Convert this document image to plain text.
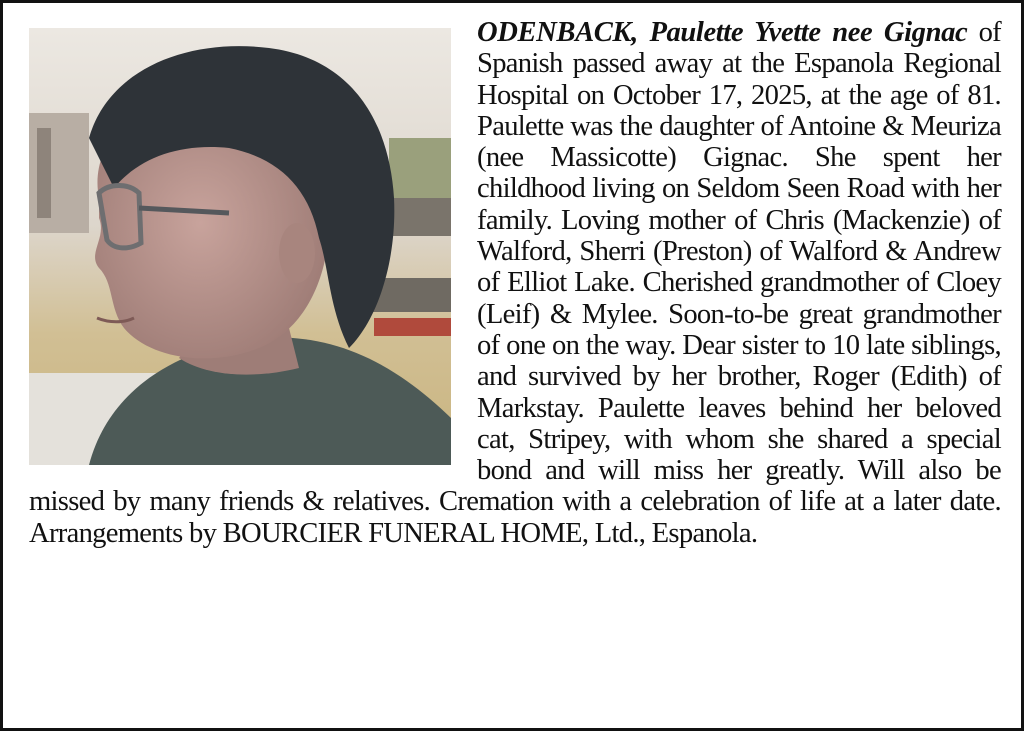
ODENBACK, Paulette Yvette nee Gignac of Spanish passed away at the Espanola Regional Hospital on October 17, 2025, at the age of 81. Paulette was the daughter of Antoine & Meuriza (nee Massicotte) Gignac. She spent her childhood living on Seldom Seen Road with her family. Loving mother of Chris (Mackenzie) of Walford, Sherri (Preston) of Walford & Andrew of Elliot Lake. Cherished grandmother of Cloey (Leif) & Mylee. Soon-to-be great grandmother of one on the way. Dear sister to 10 late siblings, and survived by her brother, Roger (Edith) of Markstay. Paulette leaves behind her beloved cat, Stripey, with whom she shared a special bond and will miss her greatly. Will also be missed by many friends & relatives. Cremation with a celebration of life at a later date. Arrangements by BOURCIER FUNERAL HOME, Ltd., Espanola.
